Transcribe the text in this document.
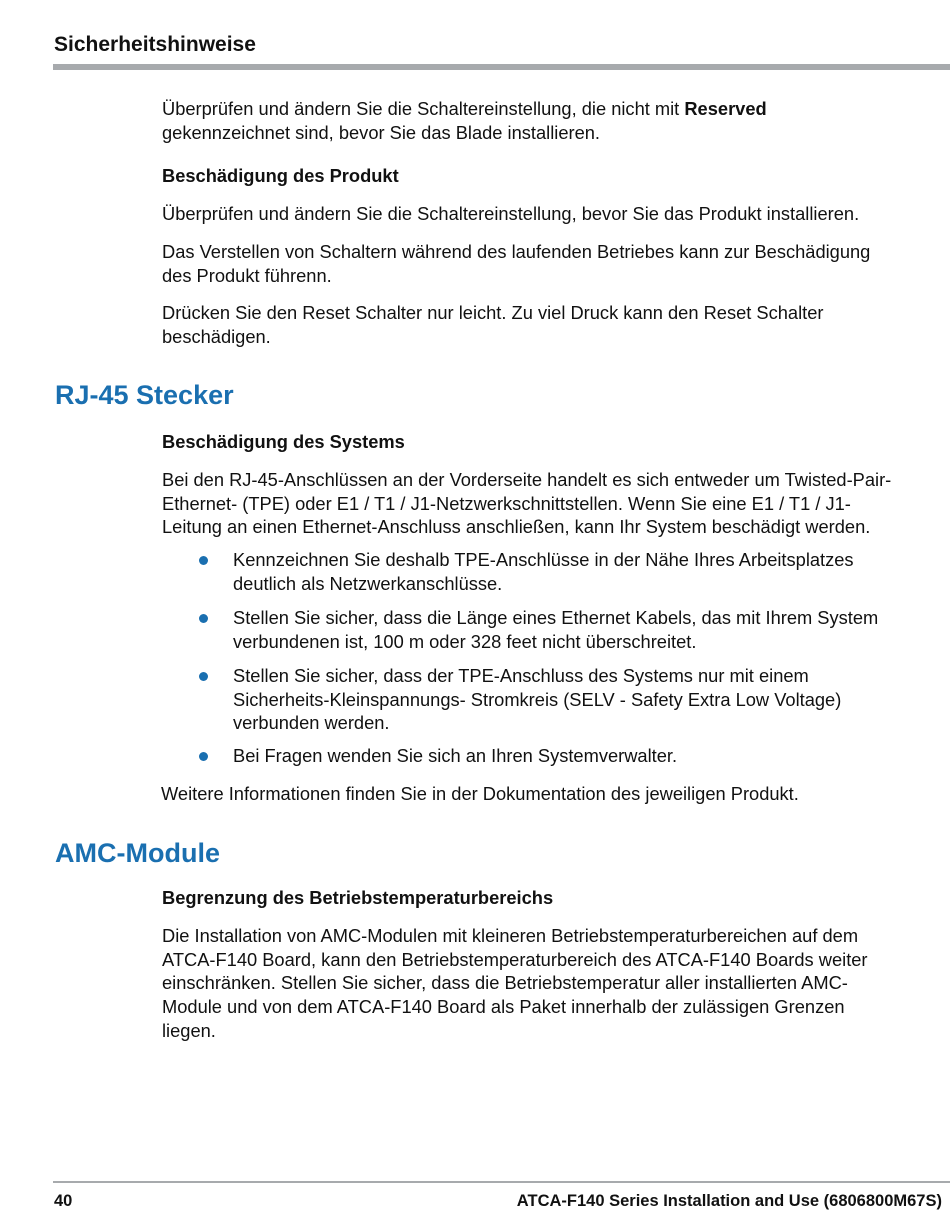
Sicherheitshinweise
Überprüfen und ändern Sie die Schaltereinstellung, die nicht mit Reserved
gekennzeichnet sind, bevor Sie das Blade installieren.
Beschädigung des Produkt
Überprüfen und ändern Sie die Schaltereinstellung, bevor Sie das Produkt installieren.
Das Verstellen von Schaltern während des laufenden Betriebes kann zur Beschädigung
des Produkt führenn.
Drücken Sie den Reset Schalter nur leicht. Zu viel Druck kann den Reset Schalter
beschädigen.
RJ-45 Stecker
Beschädigung des Systems
Bei den RJ-45-Anschlüssen an der Vorderseite handelt es sich entweder um Twisted-Pair-
Ethernet- (TPE) oder E1 / T1 / J1-Netzwerkschnittstellen. Wenn Sie eine E1 / T1 / J1-
Leitung an einen Ethernet-Anschluss anschließen, kann Ihr System beschädigt werden.
Kennzeichnen Sie deshalb TPE-Anschlüsse in der Nähe Ihres Arbeitsplatzes
deutlich als Netzwerkanschlüsse.
Stellen Sie sicher, dass die Länge eines Ethernet Kabels, das mit Ihrem System
verbundenen ist, 100 m oder 328 feet nicht überschreitet.
Stellen Sie sicher, dass der TPE-Anschluss des Systems nur mit einem
Sicherheits-Kleinspannungs- Stromkreis (SELV - Safety Extra Low Voltage)
verbunden werden.
Bei Fragen wenden Sie sich an Ihren Systemverwalter.
Weitere Informationen finden Sie in der Dokumentation des jeweiligen Produkt.
AMC-Module
Begrenzung des Betriebstemperaturbereichs
Die Installation von AMC-Modulen mit kleineren Betriebstemperaturbereichen auf dem
ATCA-F140 Board, kann den Betriebstemperaturbereich des ATCA-F140 Boards weiter
einschränken. Stellen Sie sicher, dass die Betriebstemperatur aller installierten AMC-
Module und von dem ATCA-F140 Board als Paket innerhalb der zulässigen Grenzen
liegen.
40	ATCA-F140 Series Installation and Use (6806800M67S)
